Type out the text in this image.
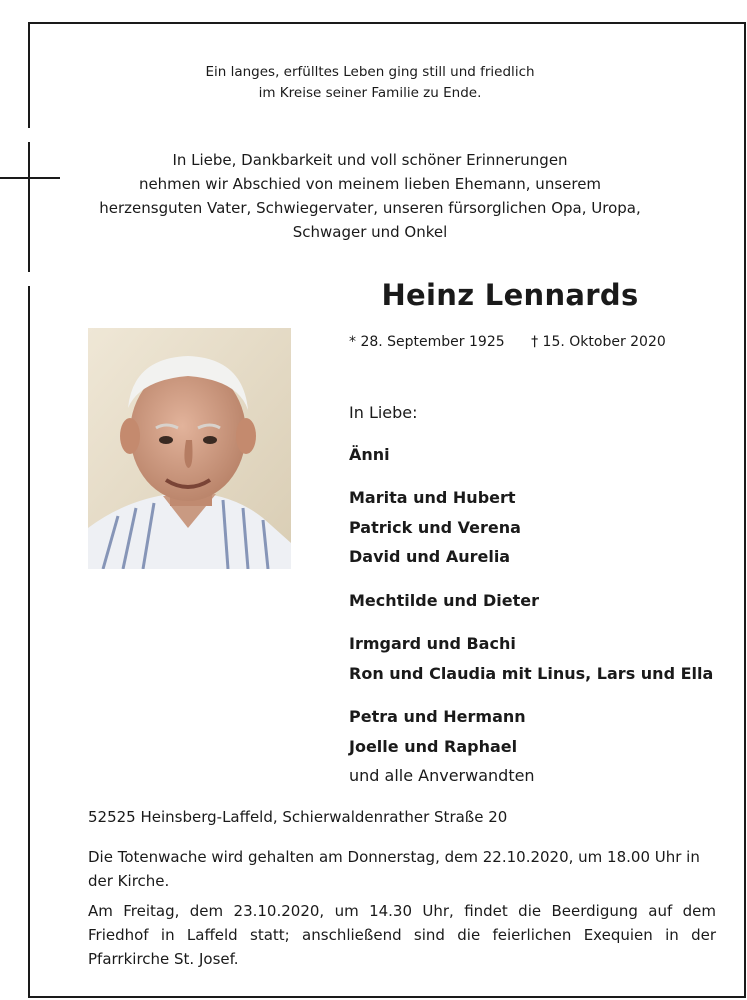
Ein langes, erfülltes Leben ging still und friedlich
im Kreise seiner Familie zu Ende.
In Liebe, Dankbarkeit und voll schöner Erinnerungen
nehmen wir Abschied von meinem lieben Ehemann, unserem
herzensguten Vater, Schwiegervater, unseren fürsorglichen Opa, Uropa,
Schwager und Onkel
Heinz Lennards
* 28. September 1925 † 15. Oktober 2020
In Liebe:
Änni
Marita und Hubert
Patrick und Verena
David und Aurelia
Mechtilde und Dieter
Irmgard und Bachi
Ron und Claudia mit Linus, Lars und Ella
Petra und Hermann
Joelle und Raphael
und alle Anverwandten
52525 Heinsberg-Laffeld, Schierwaldenrather Straße 20
Die Totenwache wird gehalten am Donnerstag, dem 22.10.2020, um 18.00 Uhr in der Kirche.
Am Freitag, dem 23.10.2020, um 14.30 Uhr, findet die Beerdigung auf dem Friedhof in Laffeld statt; anschließend sind die feierlichen Exequien in der Pfarrkirche St. Josef.
